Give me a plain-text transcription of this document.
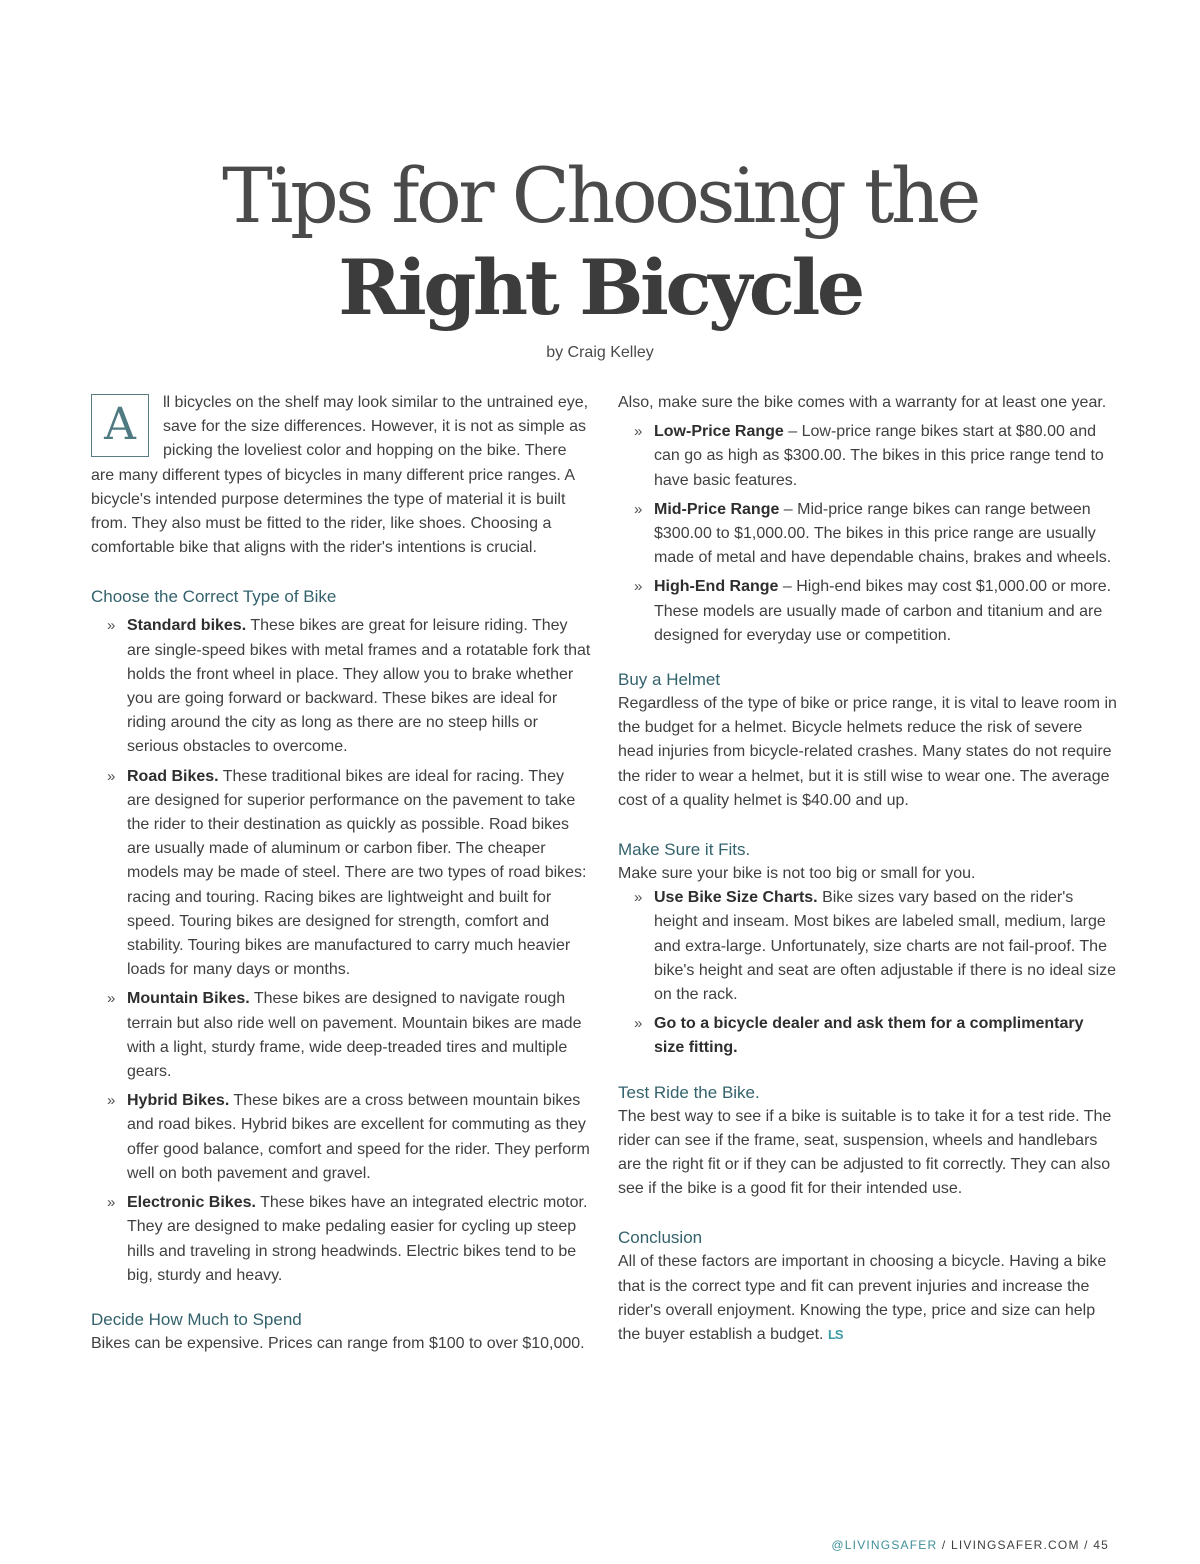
Tips for Choosing the
Right Bicycle
by Craig Kelley
A	ll bicycles on the shelf may look similar to the untrained eye, save for the size differences. However, it is not as simple as picking the loveliest color and hopping on the bike. There are many different types of bicycles in many different price ranges. A bicycle's intended purpose determines the type of material it is built from. They also must be fitted to the rider, like shoes. Choosing a comfortable bike that aligns with the rider's intentions is crucial.
Choose the Correct Type of Bike
» Standard bikes. These bikes are great for leisure riding. They are single-speed bikes with metal frames and a rotatable fork that holds the front wheel in place. They allow you to brake whether you are going forward or backward. These bikes are ideal for riding around the city as long as there are no steep hills or serious obstacles to overcome.
» Road Bikes. These traditional bikes are ideal for racing. They are designed for superior performance on the pavement to take the rider to their destination as quickly as possible. Road bikes are usually made of aluminum or carbon fiber. The cheaper models may be made of steel. There are two types of road bikes: racing and touring. Racing bikes are lightweight and built for speed. Touring bikes are designed for strength, comfort and stability. Touring bikes are manufactured to carry much heavier loads for many days or months.
» Mountain Bikes. These bikes are designed to navigate rough terrain but also ride well on pavement. Mountain bikes are made with a light, sturdy frame, wide deep-treaded tires and multiple gears.
» Hybrid Bikes. These bikes are a cross between mountain bikes and road bikes. Hybrid bikes are excellent for commuting as they offer good balance, comfort and speed for the rider. They perform well on both pavement and gravel.
» Electronic Bikes. These bikes have an integrated electric motor. They are designed to make pedaling easier for cycling up steep hills and traveling in strong headwinds. Electric bikes tend to be big, sturdy and heavy.
Decide How Much to Spend
Bikes can be expensive. Prices can range from $100 to over $10,000.
Also, make sure the bike comes with a warranty for at least one year.
» Low-Price Range – Low-price range bikes start at $80.00 and can go as high as $300.00. The bikes in this price range tend to have basic features.
» Mid-Price Range – Mid-price range bikes can range between $300.00 to $1,000.00. The bikes in this price range are usually made of metal and have dependable chains, brakes and wheels.
» High-End Range – High-end bikes may cost $1,000.00 or more. These models are usually made of carbon and titanium and are designed for everyday use or competition.
Buy a Helmet
Regardless of the type of bike or price range, it is vital to leave room in the budget for a helmet. Bicycle helmets reduce the risk of severe head injuries from bicycle-related crashes. Many states do not require the rider to wear a helmet, but it is still wise to wear one. The average cost of a quality helmet is $40.00 and up.
Make Sure it Fits.
Make sure your bike is not too big or small for you.
» Use Bike Size Charts. Bike sizes vary based on the rider's height and inseam. Most bikes are labeled small, medium, large and extra-large. Unfortunately, size charts are not fail-proof. The bike's height and seat are often adjustable if there is no ideal size on the rack.
» Go to a bicycle dealer and ask them for a complimentary size fitting.
Test Ride the Bike.
The best way to see if a bike is suitable is to take it for a test ride. The rider can see if the frame, seat, suspension, wheels and handlebars are the right fit or if they can be adjusted to fit correctly. They can also see if the bike is a good fit for their intended use.
Conclusion
All of these factors are important in choosing a bicycle. Having a bike that is the correct type and fit can prevent injuries and increase the rider's overall enjoyment. Knowing the type, price and size can help the buyer establish a budget. LS
@LIVINGSAFER / LIVINGSAFER.COM / 45
